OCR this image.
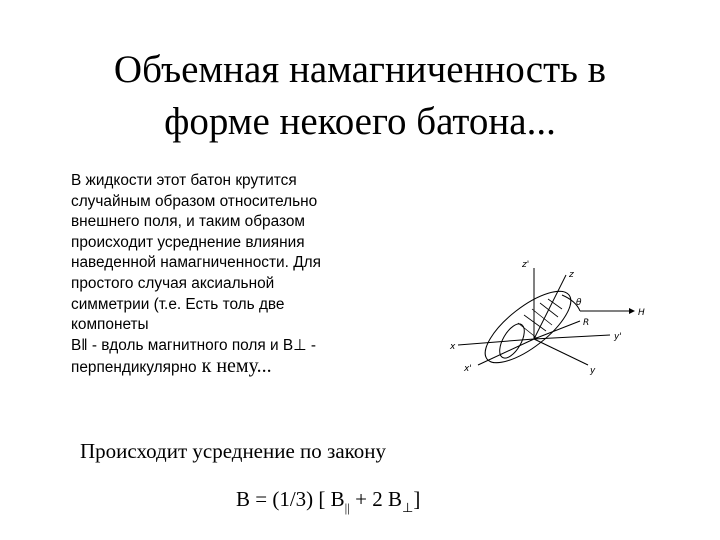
Объемная намагниченность в
форме некоего батона...
В жидкости этот батон крутится
случайным образом относительно
внешнего поля, и таким образом
происходит усреднение влияния
наведенной намагниченности. Для
простого случая аксиальной
симметрии (т.е. Есть толь две
компонеты
B‖ - вдоль магнитного поля и B⊥ -
перпендикулярно к нему...
z'
z
θ
H
R
y'
x
x'	y
Происходит усреднение по закону
B = (1/3) [ $B_{||} + 2$ $B_\perp$]
